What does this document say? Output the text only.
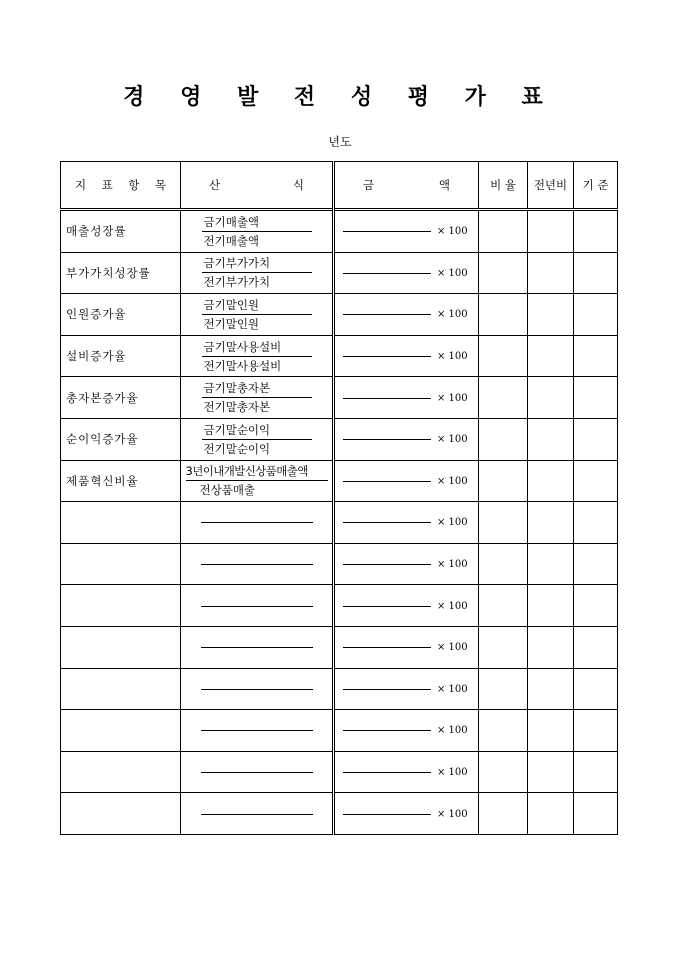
경 영 발 전 성 평 가 표
년도
지 표 항 목	산 식	금 액	비 율	전년비	기 준
매출성장률	$\frac{\text{금기매출액}}{\text{전기매출액}}$	× 100			
부가가치성장률	$\frac{\text{금기부가가치}}{\text{전기부가가치}}$	× 100			
인원증가율	$\frac{\text{금기말인원}}{\text{전기말인원}}$	× 100			
설비증가율	$\frac{\text{금기말사용설비}}{\text{전기말사용설비}}$	× 100			
총자본증가율	$\frac{\text{금기말총자본}}{\text{전기말총자본}}$	× 100			
순이익증가율	$\frac{\text{금기말순이익}}{\text{전기말순이익}}$	× 100			
제품혁신비율	$\frac{\text{3년이내개발신상품매출액}}{\text{전상품매출}}$	× 100			
		× 100			
		× 100			
		× 100			
		× 100			
		× 100			
		× 100			
		× 100			
		× 100			
